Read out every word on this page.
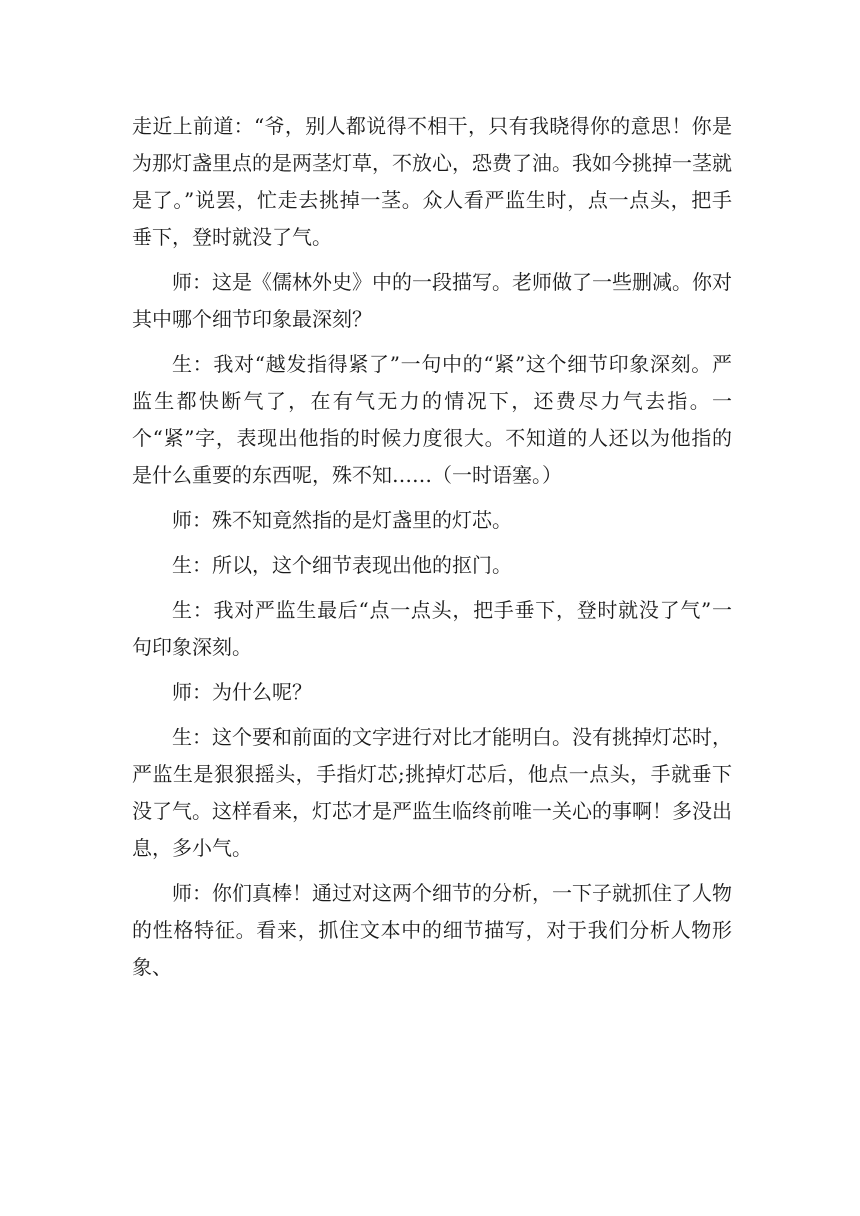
走近上前道：“爷，别人都说得不相干，只有我晓得你的意思！你是为那灯盏里点的是两茎灯草，不放心，恐费了油。我如今挑掉一茎就是了。”说罢，忙走去挑掉一茎。众人看严监生时，点一点头，把手垂下，登时就没了气。

师：这是《儒林外史》中的一段描写。老师做了一些删减。你对其中哪个细节印象最深刻？

生：我对“越发指得紧了”一句中的“紧”这个细节印象深刻。严监生都快断气了，在有气无力的情况下，还费尽力气去指。一个“紧”字，表现出他指的时候力度很大。不知道的人还以为他指的是什么重要的东西呢，殊不知……（一时语塞。）

师：殊不知竟然指的是灯盏里的灯芯。

生：所以，这个细节表现出他的抠门。

生：我对严监生最后“点一点头，把手垂下，登时就没了气”一句印象深刻。

师：为什么呢？

生：这个要和前面的文字进行对比才能明白。没有挑掉灯芯时，严监生是狠狠摇头，手指灯芯;挑掉灯芯后，他点一点头，手就垂下没了气。这样看来，灯芯才是严监生临终前唯一关心的事啊！多没出息，多小气。

师：你们真棒！通过对这两个细节的分析，一下子就抓住了人物的性格特征。看来，抓住文本中的细节描写，对于我们分析人物形象、
